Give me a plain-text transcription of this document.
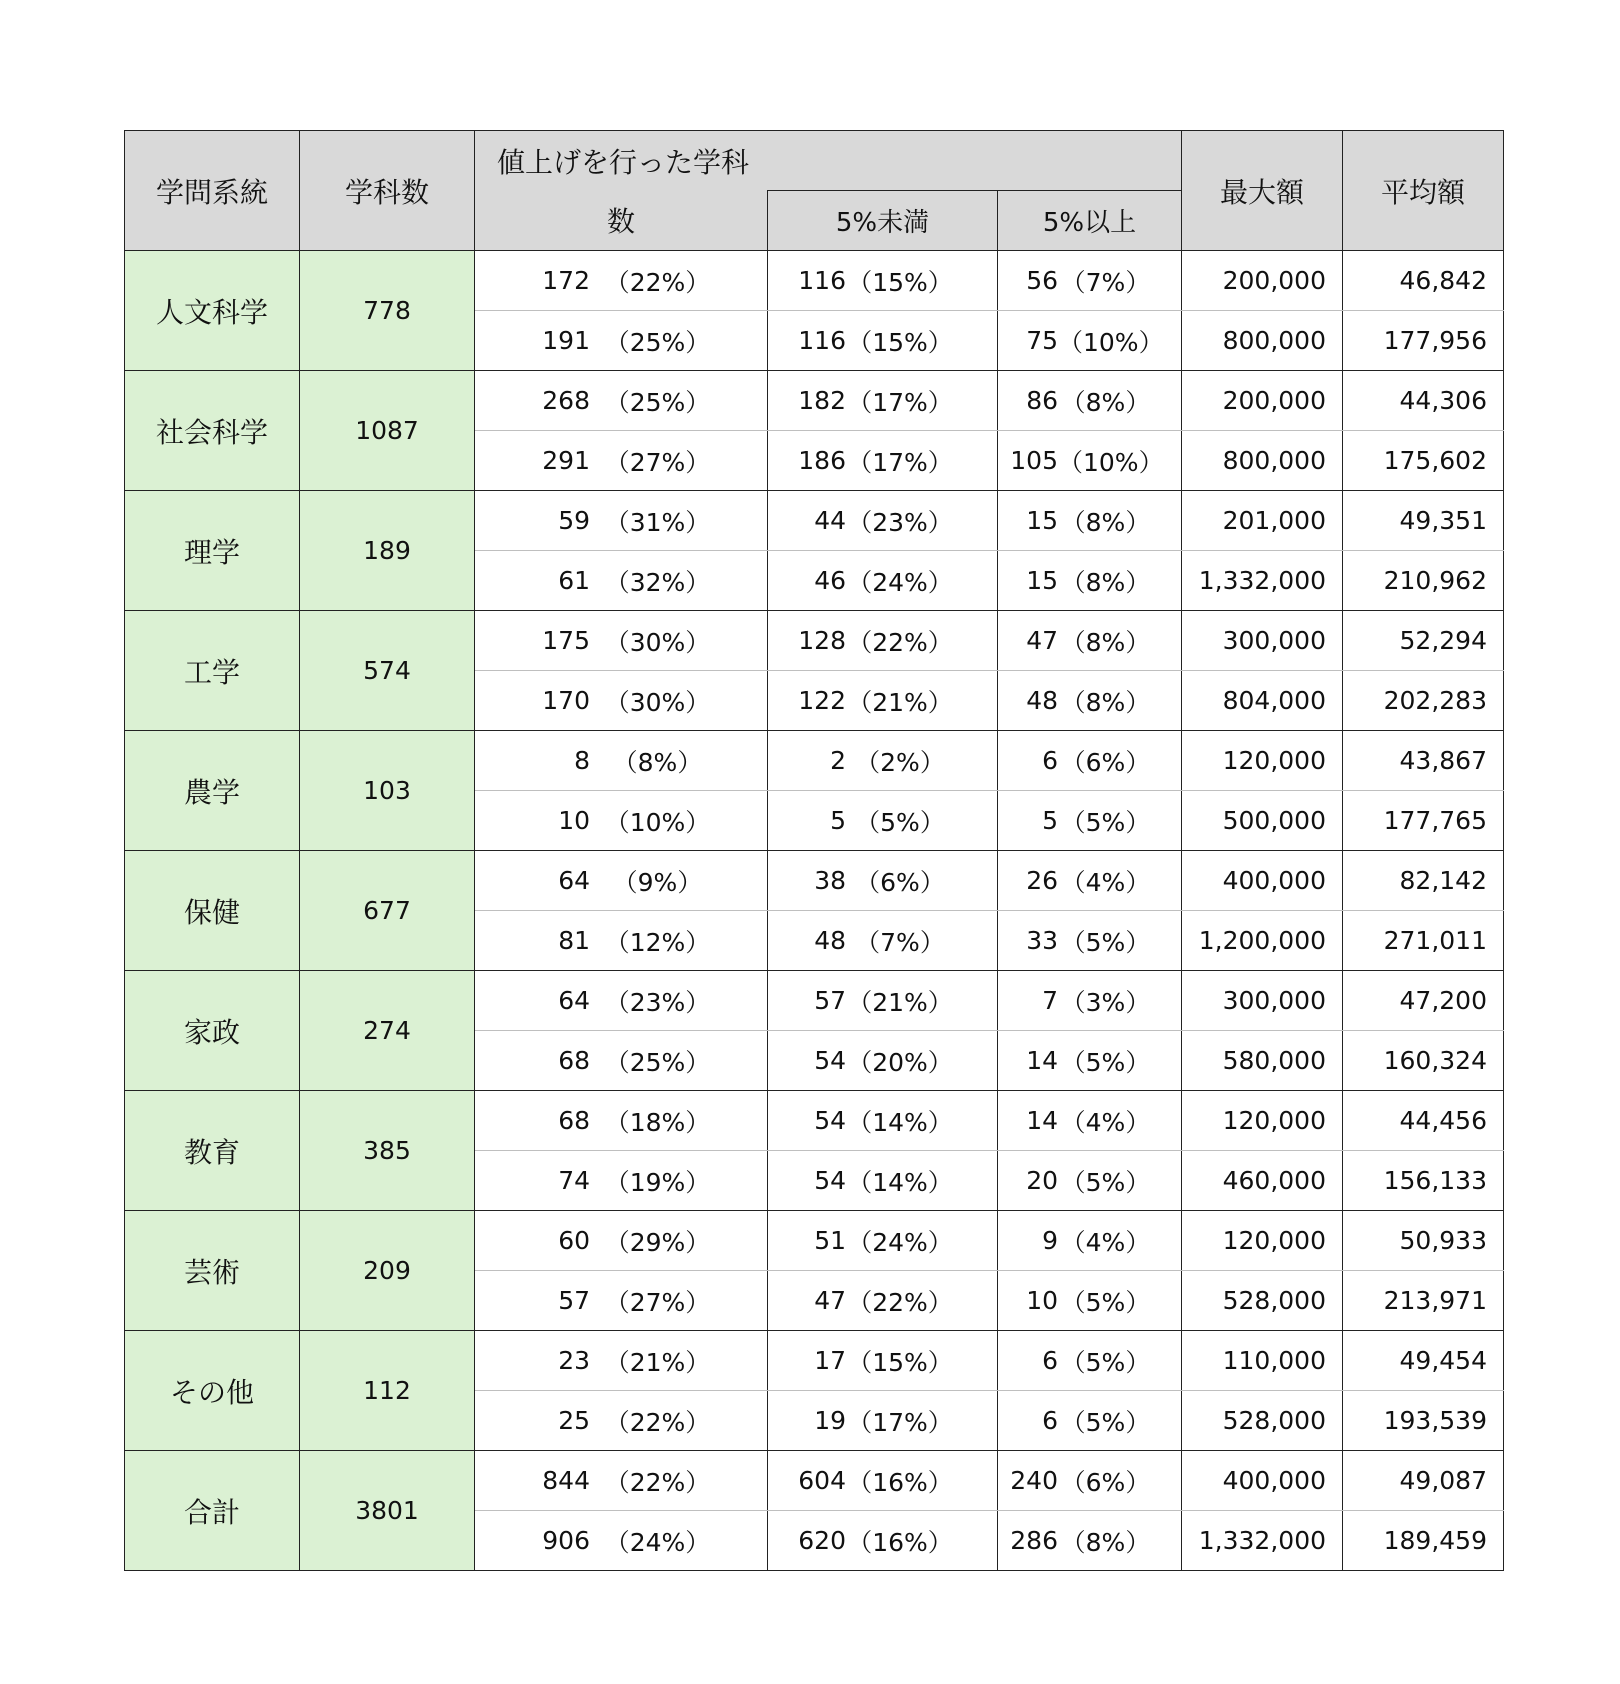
学問系統	学科数	値上げを行った学科			最大額	平均額
		数	5%未満	5%以上		
人文科学	778	172 （22%）	116 （15%）	56 （7%）	200,000	46,842

		191 （25%）	116 （15%）	75 （10%）	800,000	177,956
社会科学	1087	268 （25%）	182 （17%）	86 （8%）	200,000	44,306

		291 （27%）	186 （17%）	105 （10%）	800,000	175,602
理学	189	59 （31%）	44 （23%）	15 （8%）	201,000	49,351

		61 （32%）	46 （24%）	15 （8%）	1,332,000	210,962
工学	574	175 （30%）	128 （22%）	47 （8%）	300,000	52,294

		170 （30%）	122 （21%）	48 （8%）	804,000	202,283
農学	103	8 （8%）	2 （2%）	6 （6%）	120,000	43,867

		10 （10%）	5 （5%）	5 （5%）	500,000	177,765
保健	677	64 （9%）	38 （6%）	26 （4%）	400,000	82,142

		81 （12%）	48 （7%）	33 （5%）	1,200,000	271,011
家政	274	64 （23%）	57 （21%）	7 （3%）	300,000	47,200

		68 （25%）	54 （20%）	14 （5%）	580,000	160,324
教育	385	68 （18%）	54 （14%）	14 （4%）	120,000	44,456

		74 （19%）	54 （14%）	20 （5%）	460,000	156,133
芸術	209	60 （29%）	51 （24%）	9 （4%）	120,000	50,933

		57 （27%）	47 （22%）	10 （5%）	528,000	213,971
その他	112	23 （21%）	17 （15%）	6 （5%）	110,000	49,454

		25 （22%）	19 （17%）	6 （5%）	528,000	193,539
合計	3801	844 （22%）	604 （16%）	240 （6%）	400,000	49,087

		906 （24%）	620 （16%）	286 （8%）	1,332,000	189,459
